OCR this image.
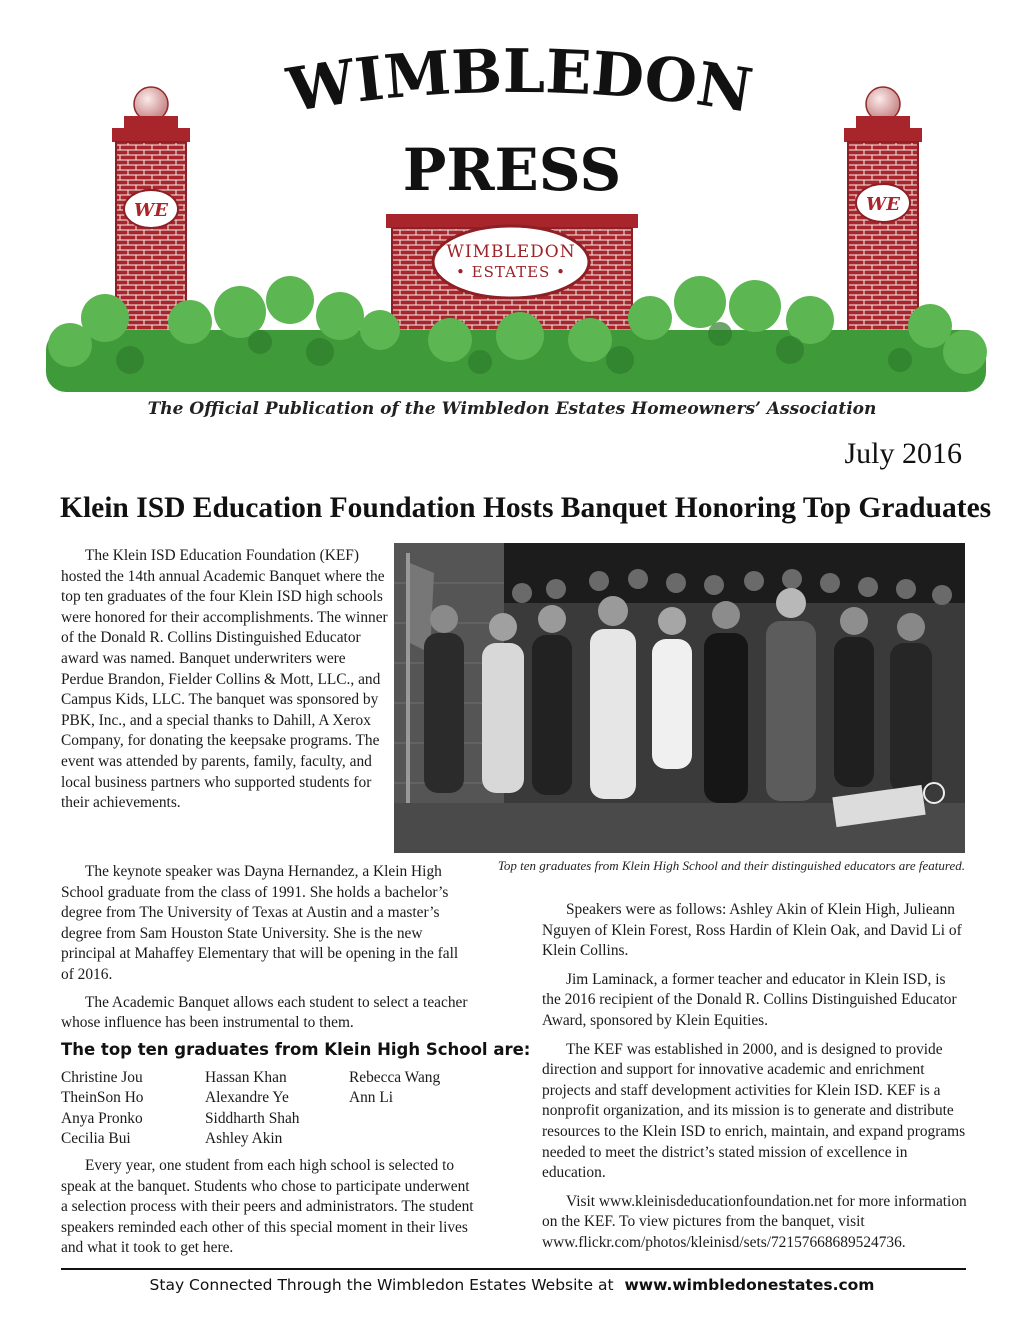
WE	WE
WIMBLEDON
• ESTATES •
WIMBLEDON
PRESS
The Official Publication of the Wimbledon Estates Homeowners’ Association
July 2016
Klein ISD Education Foundation Hosts Banquet Honoring Top Graduates

The Klein ISD Education Foundation (KEF) hosted the 14th annual Academic Banquet where the top ten graduates of the four Klein ISD high schools were honored for their accomplishments. The winner of the Donald R. Collins Distinguished Educator award was named. Banquet underwriters were Perdue Brandon, Fielder Collins & Mott, LLC., and Campus Kids, LLC. The banquet was sponsored by PBK, Inc., and a special thanks to Dahill, A Xerox Company, for donating the keepsake programs. The event was attended by parents, family, faculty, and local business partners who supported students for their achievements.

Top ten graduates from Klein High School and their distinguished educators are featured.

The keynote speaker was Dayna Hernandez, a Klein High School graduate from the class of 1991. She holds a bachelor’s degree from The University of Texas at Austin and a master’s degree from Sam Houston State University. She is the new principal at Mahaffey Elementary that will be opening in the fall of 2016.

The Academic Banquet allows each student to select a teacher whose influence has been instrumental to them.

The top ten graduates from Klein High School are:
Christine Jou
TheinSon Ho
Anya Pronko
Cecilia Bui
Hassan Khan
Alexandre Ye
Siddharth Shah
Ashley Akin
Rebecca Wang
Ann Li

Every year, one student from each high school is selected to speak at the banquet. Students who chose to participate underwent a selection process with their peers and administrators. The student speakers reminded each other of this special moment in their lives and what it took to get here.

Speakers were as follows: Ashley Akin of Klein High, Julieann Nguyen of Klein Forest, Ross Hardin of Klein Oak, and David Li of Klein Collins.

Jim Laminack, a former teacher and educator in Klein ISD, is the 2016 recipient of the Donald R. Collins Distinguished Educator Award, sponsored by Klein Equities.

The KEF was established in 2000, and is designed to provide direction and support for innovative academic and enrichment projects and staff development activities for Klein ISD. KEF is a nonprofit organization, and its mission is to generate and distribute resources to the Klein ISD to enrich, maintain, and expand programs needed to meet the district’s stated mission of excellence in education.

Visit www.kleinisdeducationfoundation.net for more information on the KEF. To view pictures from the banquet, visit www.flickr.com/photos/kleinisd/sets/72157668689524736.

Stay Connected Through the Wimbledon Estates Website at www.wimbledonestates.com
